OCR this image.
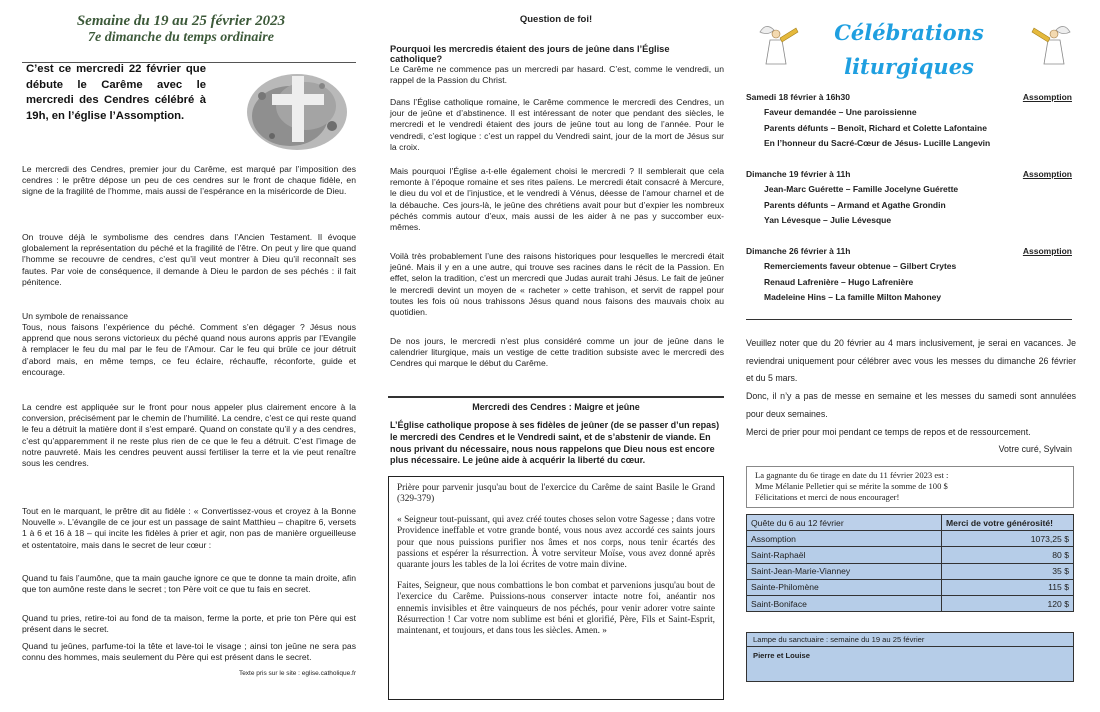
Semaine du 19 au 25 février 2023
7e dimanche du temps ordinaire
C’est ce mercredi 22 février que débute le Carême avec le mercredi des Cendres célébré à 19h, en l’église l’Assomption.
Le mercredi des Cendres, premier jour du Carême, est marqué par l’imposition des cendres : le prêtre dépose un peu de ces cendres sur le front de chaque fidèle, en signe de la fragilité de l’homme, mais aussi de l’espérance en la miséricorde de Dieu.
On trouve déjà le symbolisme des cendres dans l’Ancien Testament. Il évoque globalement la représentation du péché et la fragilité de l’être. On peut y lire que quand l’homme se recouvre de cendres, c’est qu’il veut montrer à Dieu qu’il reconnaît ses fautes. Par voie de conséquence, il demande à Dieu le pardon de ses péchés : il fait pénitence.
Un symbole de renaissance
Tous, nous faisons l’expérience du péché. Comment s’en dégager ? Jésus nous apprend que nous serons victorieux du péché quand nous aurons appris par l’Evangile à remplacer le feu du mal par le feu de l’Amour. Car le feu qui brûle ce jour détruit d’abord mais, en même temps, ce feu éclaire, réchauffe, réconforte, guide et encourage.
La cendre est appliquée sur le front pour nous appeler plus clairement encore à la conversion, précisément par le chemin de l’humilité. La cendre, c’est ce qui reste quand le feu a détruit la matière dont il s’est emparé. Quand on constate qu’il y a des cendres, c’est qu’apparemment il ne reste plus rien de ce que le feu a détruit. C’est l’image de notre pauvreté. Mais les cendres peuvent aussi fertiliser la terre et la vie peut renaître sous les cendres.
Tout en le marquant, le prêtre dit au fidèle : « Convertissez-vous et croyez à la Bonne Nouvelle ». L’évangile de ce jour est un passage de saint Matthieu – chapitre 6, versets 1 à 6 et 16 à 18 – qui incite les fidèles à prier et agir, non pas de manière orgueilleuse et ostentatoire, mais dans le secret de leur cœur :
Quand tu fais l’aumône, que ta main gauche ignore ce que te donne ta main droite, afin que ton aumône reste dans le secret ; ton Père voit ce que tu fais en secret.
Quand tu pries, retire-toi au fond de ta maison, ferme la porte, et prie ton Père qui est présent dans le secret.
Quand tu jeûnes, parfume-toi la tête et lave-toi le visage ; ainsi ton jeûne ne sera pas connu des hommes, mais seulement du Père qui est présent dans le secret.
Texte pris sur le site : eglise.catholique.fr
Question de foi!
Pourquoi les mercredis étaient des jours de jeûne dans l’Église catholique?
Le Carême ne commence pas un mercredi par hasard. C’est, comme le vendredi, un rappel de la Passion du Christ.
Dans l’Église catholique romaine, le Carême commence le mercredi des Cendres, un jour de jeûne et d’abstinence. Il est intéressant de noter que pendant des siècles, le mercredi et le vendredi étaient des jours de jeûne tout au long de l’année. Pour le vendredi, c’est logique : c’est un rappel du Vendredi saint, jour de la mort de Jésus sur la croix.
Mais pourquoi l’Église a-t-elle également choisi le mercredi ? Il semblerait que cela remonte à l’époque romaine et ses rites païens. Le mercredi était consacré à Mercure, le dieu du vol et de l’injustice, et le vendredi à Vénus, déesse de l’amour charnel et de la débauche. Ces jours-là, le jeûne des chrétiens avait pour but d’expier les nombreux péchés commis autour d’eux, mais aussi de les aider à ne pas y succomber eux-mêmes.
Voilà très probablement l’une des raisons historiques pour lesquelles le mercredi était jeûné. Mais il y en a une autre, qui trouve ses racines dans le récit de la Passion. En effet, selon la tradition, c’est un mercredi que Judas aurait trahi Jésus. Le fait de jeûner le mercredi devint un moyen de « racheter » cette trahison, et servit de rappel pour toutes les fois où nous trahissons Jésus quand nous faisons des mauvais choix au quotidien.
De nos jours, le mercredi n’est plus considéré comme un jour de jeûne dans le calendrier liturgique, mais un vestige de cette tradition subsiste avec le mercredi des Cendres qui marque le début du Carême.
Mercredi des Cendres : Maigre et jeûne
L’Église catholique propose à ses fidèles de jeûner (de se passer d’un repas) le mercredi des Cendres et le Vendredi saint, et de s’abstenir de viande. En nous privant du nécessaire, nous nous rappelons que Dieu nous est encore plus nécessaire. Le jeûne aide à acquérir la liberté du cœur.
Prière pour parvenir jusqu'au bout de l'exercice du Carême de saint Basile le Grand (329-379)
« Seigneur tout-puissant, qui avez créé toutes choses selon votre Sagesse ; dans votre Providence ineffable et votre grande bonté, vous nous avez accordé ces saints jours pour que nous puissions purifier nos âmes et nos corps, nous tenir écartés des passions et espérer la résurrection. À votre serviteur Moïse, vous avez donné après quarante jours les tables de la loi écrites de votre main divine.
Faites, Seigneur, que nous combattions le bon combat et parvenions jusqu'au bout de l'exercice du Carême. Puissions-nous conserver intacte notre foi, anéantir nos ennemis invisibles et être vainqueurs de nos péchés, pour venir adorer votre sainte Résurrection ! Car votre nom sublime est béni et glorifié, Père, Fils et Saint-Esprit, maintenant, et toujours, et dans tous les siècles. Amen. »
Célébrations
liturgiques
Samedi 18 février à 16h30	Assomption
Faveur demandée – Une paroissienne
Parents défunts – Benoît, Richard et Colette Lafontaine
En l’honneur du Sacré-Cœur de Jésus- Lucille Langevin
Dimanche 19 février à 11h	Assomption
Jean-Marc Guérette – Famille Jocelyne Guérette
Parents défunts – Armand et Agathe Grondin
Yan Lévesque – Julie Lévesque
Dimanche 26 février à 11h	Assomption
Remerciements faveur obtenue – Gilbert Crytes
Renaud Lafrenière – Hugo Lafrenière
Madeleine Hins – La famille Milton Mahoney
Veuillez noter que du 20 février au 4 mars inclusivement, je serai en vacances. Je reviendrai uniquement pour célébrer avec vous les messes du dimanche 26 février et du 5 mars.
Donc, il n’y a pas de messe en semaine et les messes du samedi sont annulées pour deux semaines.
Merci de prier pour moi pendant ce temps de repos et de ressourcement.
Votre curé, Sylvain
La gagnante du 6e tirage en date du 11 février 2023 est :
Mme Mélanie Pelletier qui se mérite la somme de 100 $
Félicitations et merci de nous encourager!
Quête du 6 au 12 février	Merci de votre générosité!
Assomption	1073,25 $
Saint-Raphaël	80 $
Saint-Jean-Marie-Vianney	35 $
Sainte-Philomène	115 $
Saint-Boniface	120 $
Lampe du sanctuaire : semaine du 19 au 25 février
Pierre et Louise
